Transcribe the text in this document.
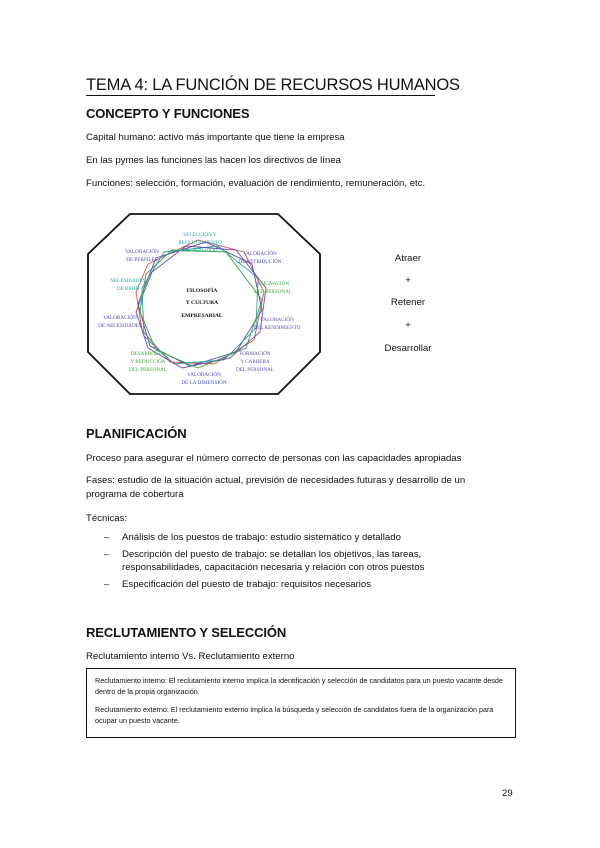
TEMA 4: LA FUNCIÓN DE RECURSOS HUMANOS
CONCEPTO Y FUNCIONES
Capital humano: activo más importante que tiene la empresa
En las pymes las funciones las hacen los directivos de línea
Funciones: selección, formación, evaluación de rendimiento, remuneración, etc.
FILOSOFÍA
Y CULTURA
EMPRESARIAL
SELECCIÓN Y
RECLUTAMIENTO
DEL PERSONAL	VALORACIÓN
DE RETRIBUCIÓN
ASIGNACIÓN
DEL PERSONAL
VALORACIÓN
DEL RENDIMIENTO
FORMACIÓN
Y CARRERA
DEL PERSONAL
VALORACIÓN
DE LA DIMENSIÓN
DESARROLLO
Y REDUCCIÓN
DEL PERSONAL
VALORACIÓN
DE NECESIDADES
NECESIDADES
DE RRHH
VALORACIÓN
DE PERFILES	Atraer
+
Retener
+
Desarrollar
PLANIFICACIÓN
Proceso para asegurar el número correcto de personas con las capacidades apropiadas
Fases: estudio de la situación actual, previsión de necesidades futuras y desarrollo de un
programa de cobertura
Técnicas:
– Análisis de los puestos de trabajo: estudio sistemático y detallado
– Descripción del puesto de trabajo: se detallan los objetivos, las tareas,
responsabilidades, capacitación necesaria y relación con otros puestos
– Especificación del puesto de trabajo: requisitos necesarios
RECLUTAMIENTO Y SELECCIÓN
Reclutamiento interno Vs. Reclutamiento externo

Reclutamiento interno: El reclutamiento interno implica la identificación y selección de candidatos para un puesto vacante desde dentro de la propia organización.

Reclutamiento externo: El reclutamiento externo implica la búsqueda y selección de candidatos fuera de la organización para ocupar un puesto vacante.

29
